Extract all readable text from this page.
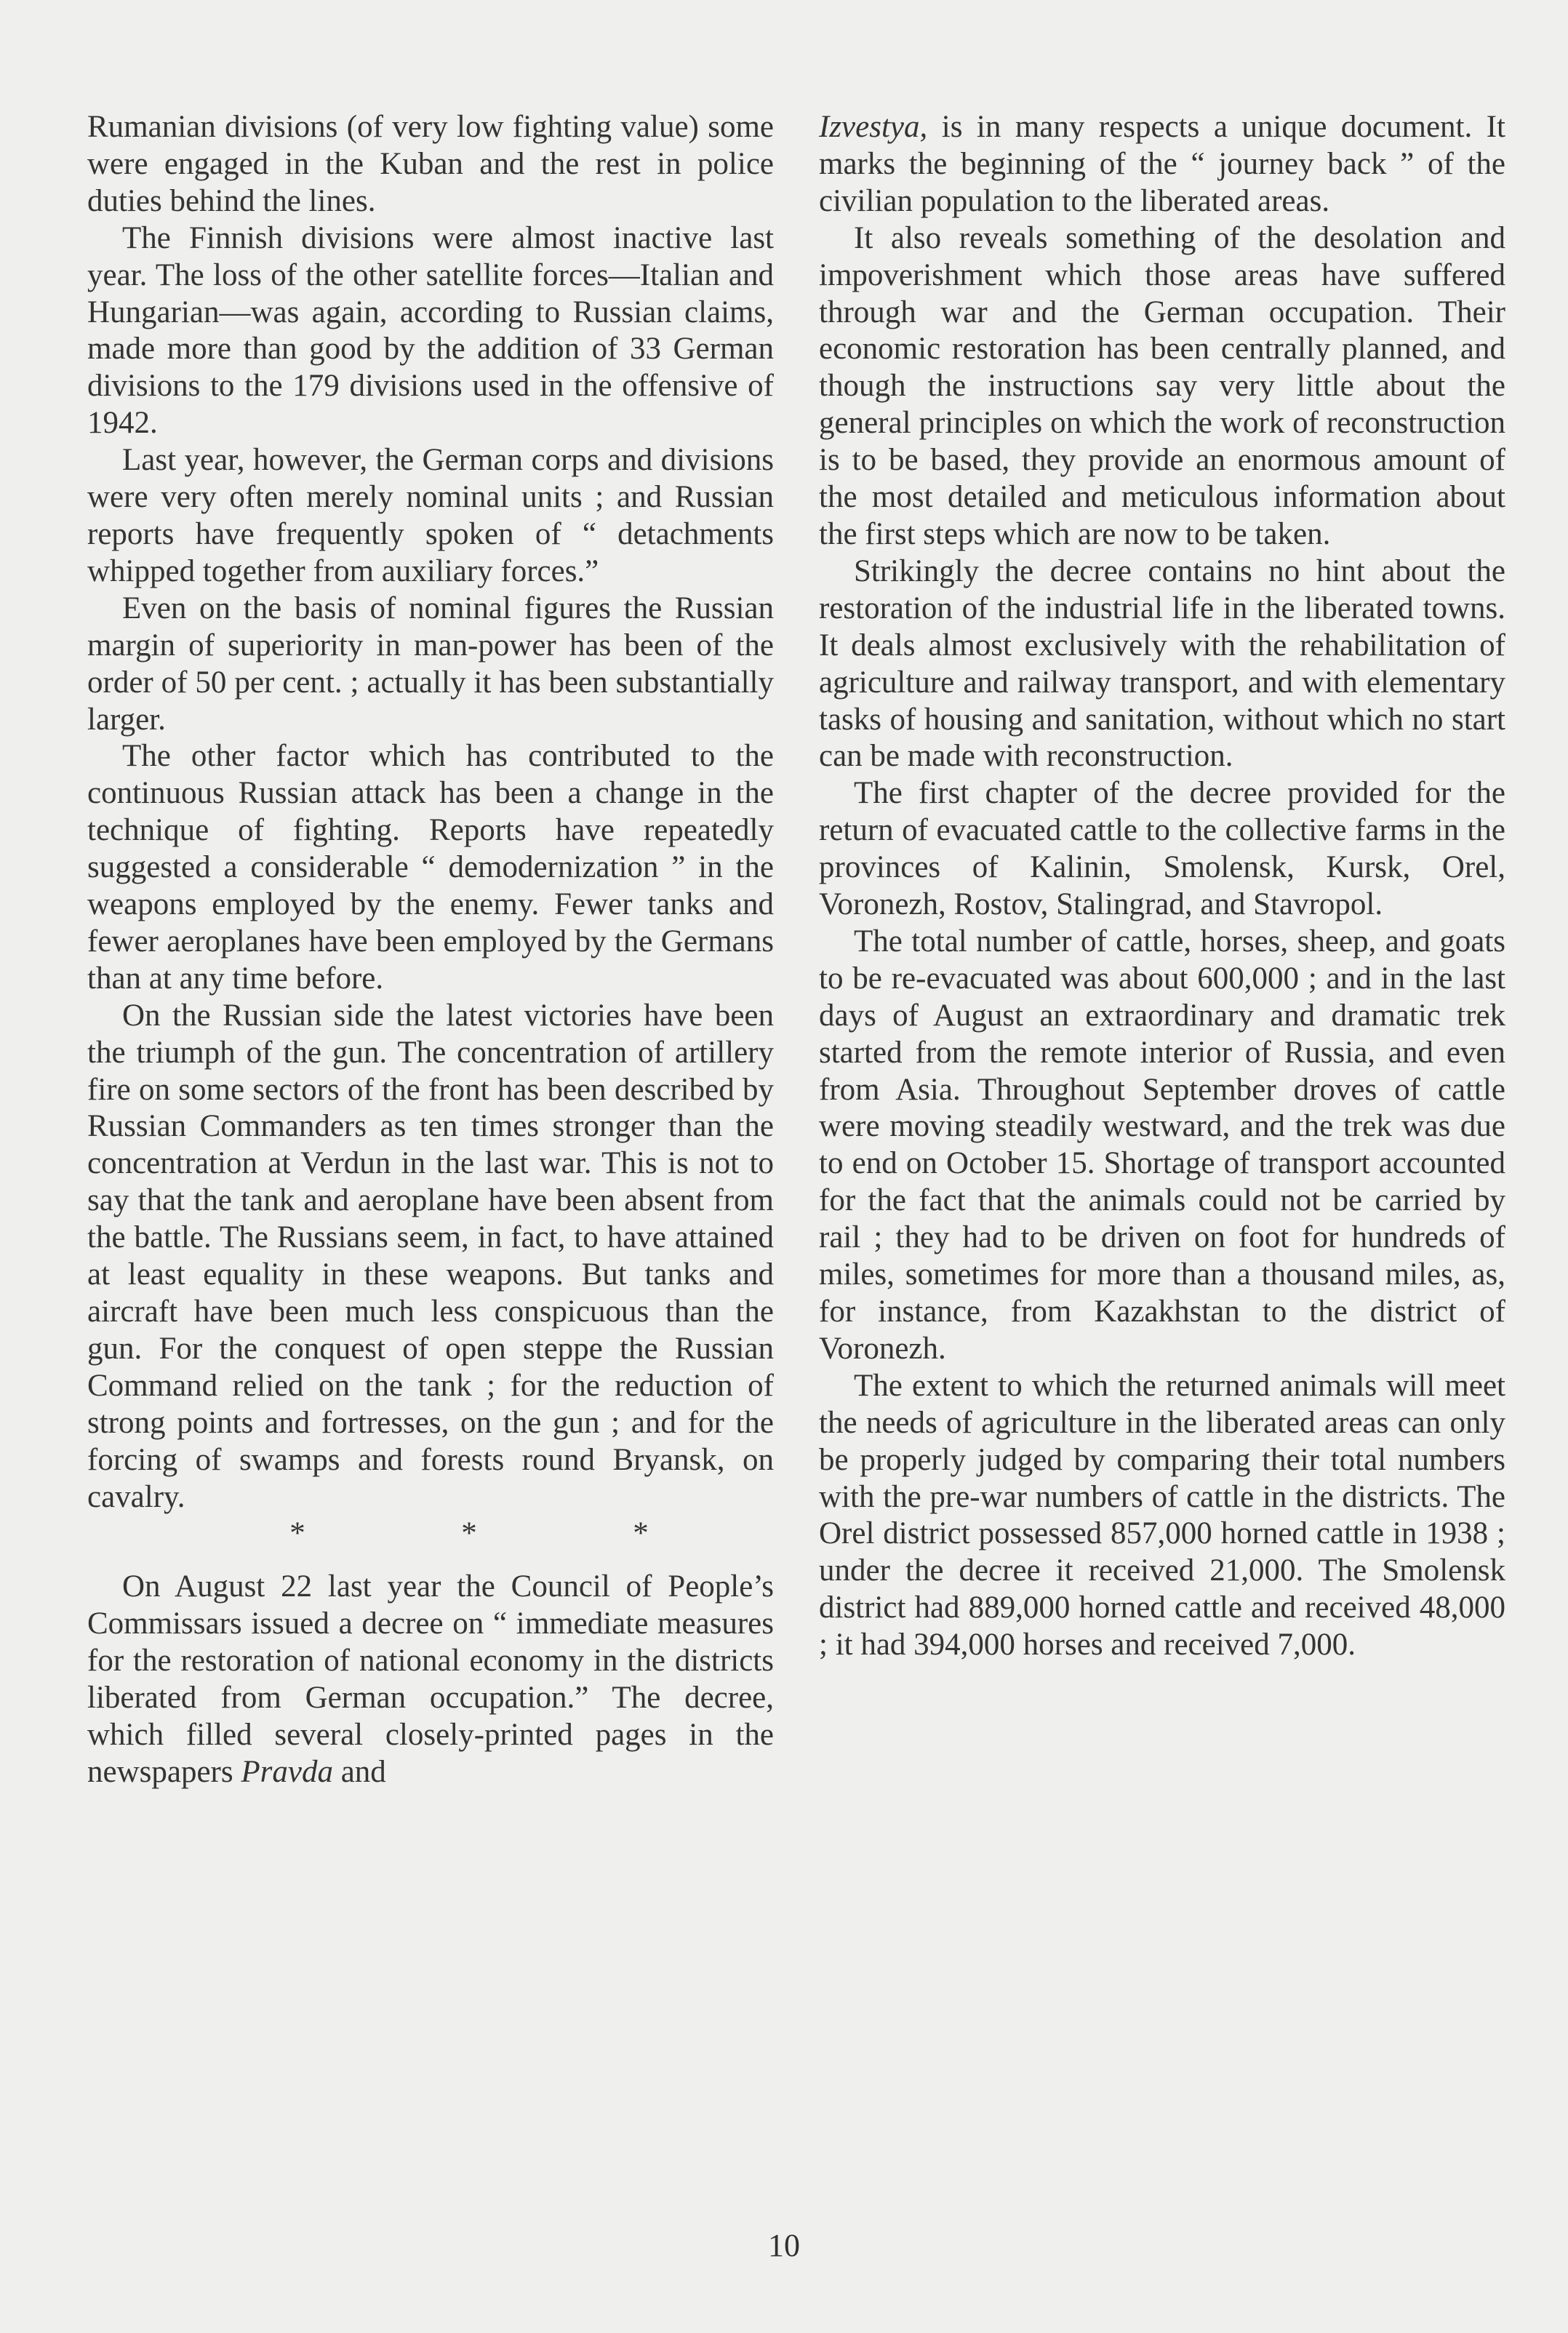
Rumanian divisions (of very low fighting value) some were engaged in the Kuban and the rest in police duties behind the lines.

The Finnish divisions were almost inactive last year. The loss of the other satellite forces—Italian and Hungarian—was again, according to Russian claims, made more than good by the addition of 33 German divisions to the 179 divisions used in the offensive of 1942.

Last year, however, the German corps and divisions were very often merely nominal units ; and Russian reports have frequently spoken of “ detachments whipped together from auxiliary forces.”

Even on the basis of nominal figures the Russian margin of superiority in man-power has been of the order of 50 per cent. ; actually it has been substantially larger.

The other factor which has contributed to the continuous Russian attack has been a change in the technique of fighting. Reports have repeatedly suggested a considerable “ demodernization ” in the weapons employed by the enemy. Fewer tanks and fewer aeroplanes have been employed by the Germans than at any time before.

On the Russian side the latest victories have been the triumph of the gun. The concentration of artillery fire on some sectors of the front has been described by Russian Commanders as ten times stronger than the concentration at Verdun in the last war. This is not to say that the tank and aeroplane have been absent from the battle. The Russians seem, in fact, to have attained at least equality in these weapons. But tanks and aircraft have been much less conspicuous than the gun. For the conquest of open steppe the Russian Command relied on the tank ; for the reduction of strong points and fortresses, on the gun ; and for the forcing of swamps and forests round Bryansk, on cavalry.

*	*	*

On August 22 last year the Council of People’s Commissars issued a decree on “ immediate measures for the restoration of national economy in the districts liberated from German occupation.” The decree, which filled several closely-printed pages in the newspapers Pravda and

Izvestya, is in many respects a unique document. It marks the beginning of the “ journey back ” of the civilian population to the liberated areas.

It also reveals something of the desolation and impoverishment which those areas have suffered through war and the German occupation. Their economic restoration has been centrally planned, and though the instructions say very little about the general principles on which the work of reconstruction is to be based, they provide an enormous amount of the most detailed and meticulous information about the first steps which are now to be taken.

Strikingly the decree contains no hint about the restoration of the industrial life in the liberated towns. It deals almost exclusively with the rehabilitation of agriculture and railway transport, and with elementary tasks of housing and sanitation, without which no start can be made with reconstruction.

The first chapter of the decree provided for the return of evacuated cattle to the collective farms in the provinces of Kalinin, Smolensk, Kursk, Orel, Voronezh, Rostov, Stalingrad, and Stavropol.

The total number of cattle, horses, sheep, and goats to be re-evacuated was about 600,000 ; and in the last days of August an extraordinary and dramatic trek started from the remote interior of Russia, and even from Asia. Throughout September droves of cattle were moving steadily westward, and the trek was due to end on October 15. Shortage of transport accounted for the fact that the animals could not be carried by rail ; they had to be driven on foot for hundreds of miles, sometimes for more than a thousand miles, as, for instance, from Kazakhstan to the district of Voronezh.

The extent to which the returned animals will meet the needs of agriculture in the liberated areas can only be properly judged by comparing their total numbers with the pre-war numbers of cattle in the districts. The Orel district possessed 857,000 horned cattle in 1938 ; under the decree it received 21,000. The Smolensk district had 889,000 horned cattle and received 48,000 ; it had 394,000 horses and received 7,000.

10
